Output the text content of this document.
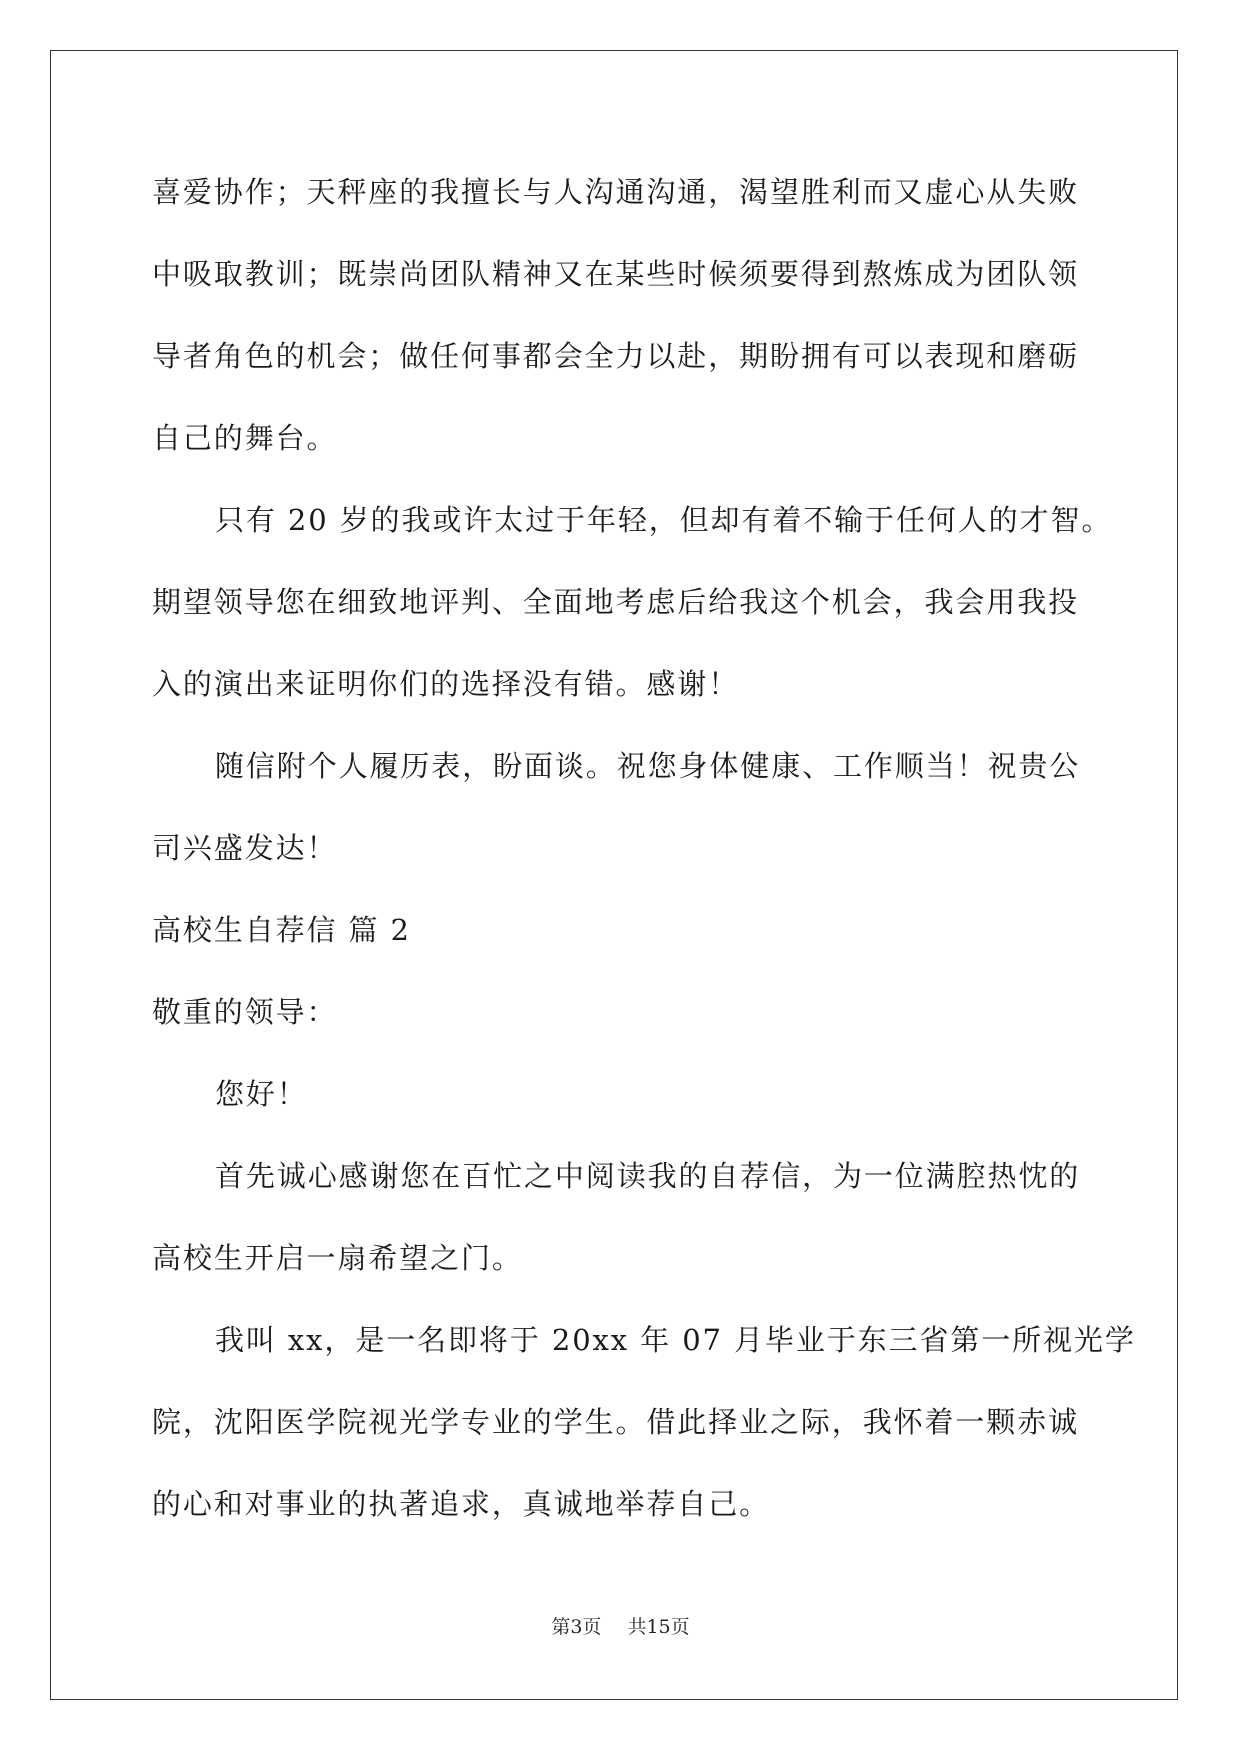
喜爱协作；天秤座的我擅长与人沟通沟通，渴望胜利而又虚心从失败
中吸取教训；既崇尚团队精神又在某些时候须要得到熬炼成为团队领
导者角色的机会；做任何事都会全力以赴，期盼拥有可以表现和磨砺
自己的舞台。
只有 20 岁的我或许太过于年轻，但却有着不输于任何人的才智。
期望领导您在细致地评判、全面地考虑后给我这个机会，我会用我投
入的演出来证明你们的选择没有错。感谢！
随信附个人履历表，盼面谈。祝您身体健康、工作顺当！祝贵公
司兴盛发达！
高校生自荐信 篇 2
敬重的领导：
您好！
首先诚心感谢您在百忙之中阅读我的自荐信，为一位满腔热忱的
高校生开启一扇希望之门。
我叫 xx，是一名即将于 20xx 年 07 月毕业于东三省第一所视光学
院，沈阳医学院视光学专业的学生。借此择业之际，我怀着一颗赤诚
的心和对事业的执著追求，真诚地举荐自己。
第3页 共15页
